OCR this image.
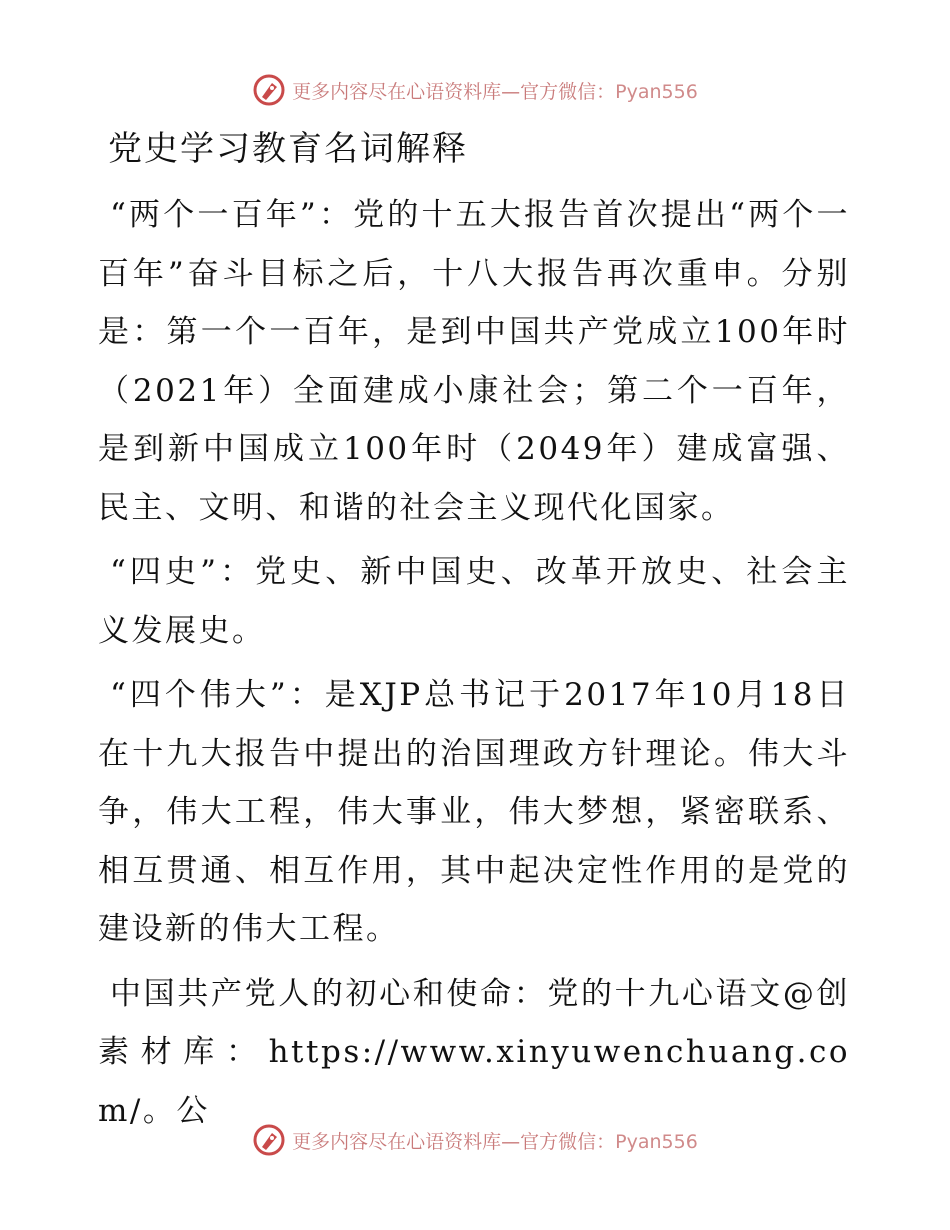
更多内容尽在心语资料库—官方微信：Pyan556
党史学习教育名词解释

“两个一百年”：党的十五大报告首次提出“两个一百年”奋斗目标之后，十八大报告再次重申。分别是：第一个一百年，是到中国共产党成立100年时（2021年）全面建成小康社会；第二个一百年，是到新中国成立100年时（2049年）建成富强、民主、文明、和谐的社会主义现代化国家。

“四史”：党史、新中国史、改革开放史、社会主义发展史。

“四个伟大”：是XJP总书记于2017年10月18日在十九大报告中提出的治国理政方针理论。伟大斗争，伟大工程，伟大事业，伟大梦想，紧密联系、相互贯通、相互作用，其中起决定性作用的是党的建设新的伟大工程。

中国共产党人的初心和使命：党的十九心语文@创素材库：https://www.xinyuwenchuang.com/。公

更多内容尽在心语资料库—官方微信：Pyan556
